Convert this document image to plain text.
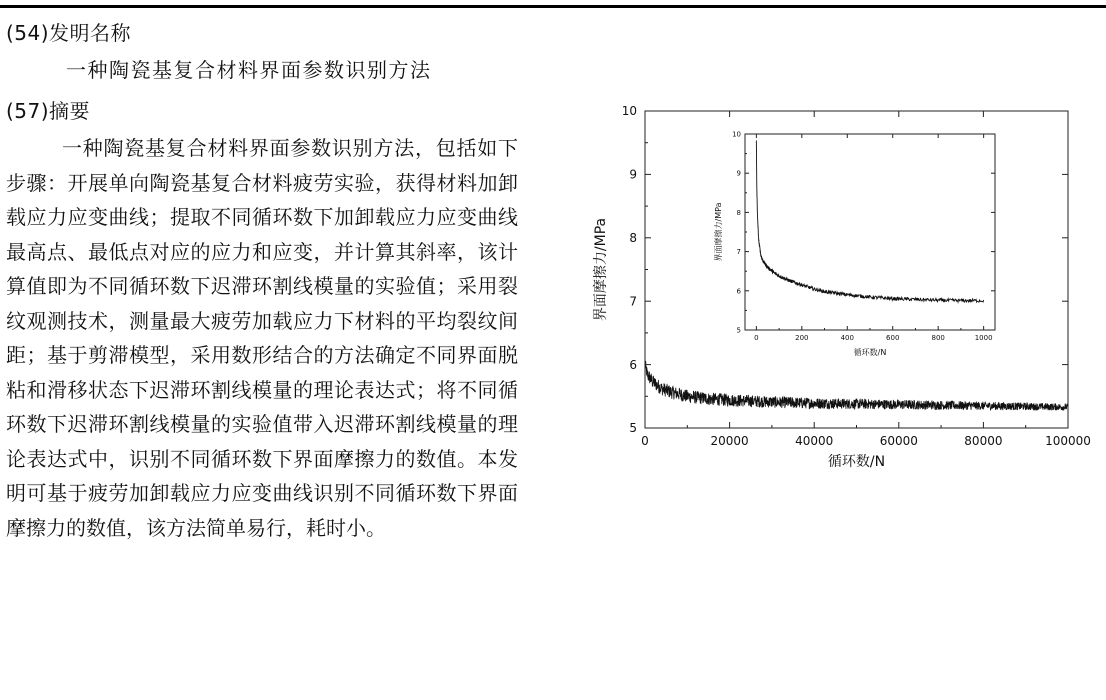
(54)发明名称
一种陶瓷基复合材料界面参数识别方法
(57)摘要

一种陶瓷基复合材料界面参数识别方法，包括如下步骤：开展单向陶瓷基复合材料疲劳实验，获得材料加卸载应力应变曲线；提取不同循环数下加卸载应力应变曲线最高点、最低点对应的应力和应变，并计算其斜率，该计算值即为不同循环数下迟滞环割线模量的实验值；采用裂纹观测技术，测量最大疲劳加载应力下材料的平均裂纹间距；基于剪滞模型，采用数形结合的方法确定不同界面脱粘和滑移状态下迟滞环割线模量的理论表达式；将不同循环数下迟滞环割线模量的实验值带入迟滞环割线模量的理论表达式中，识别不同循环数下界面摩擦力的数值。本发明可基于疲劳加卸载应力应变曲线识别不同循环数下界面摩擦力的数值，该方法简单易行，耗时小。

0	20000	40000	60000	80000	100000
5
6
7
8
9
10
循环数/N
界面摩擦力/MPa
0	200	400	600	800	1000
5
6
7
8
9
10
循环数/N
界面摩擦力/MPa
